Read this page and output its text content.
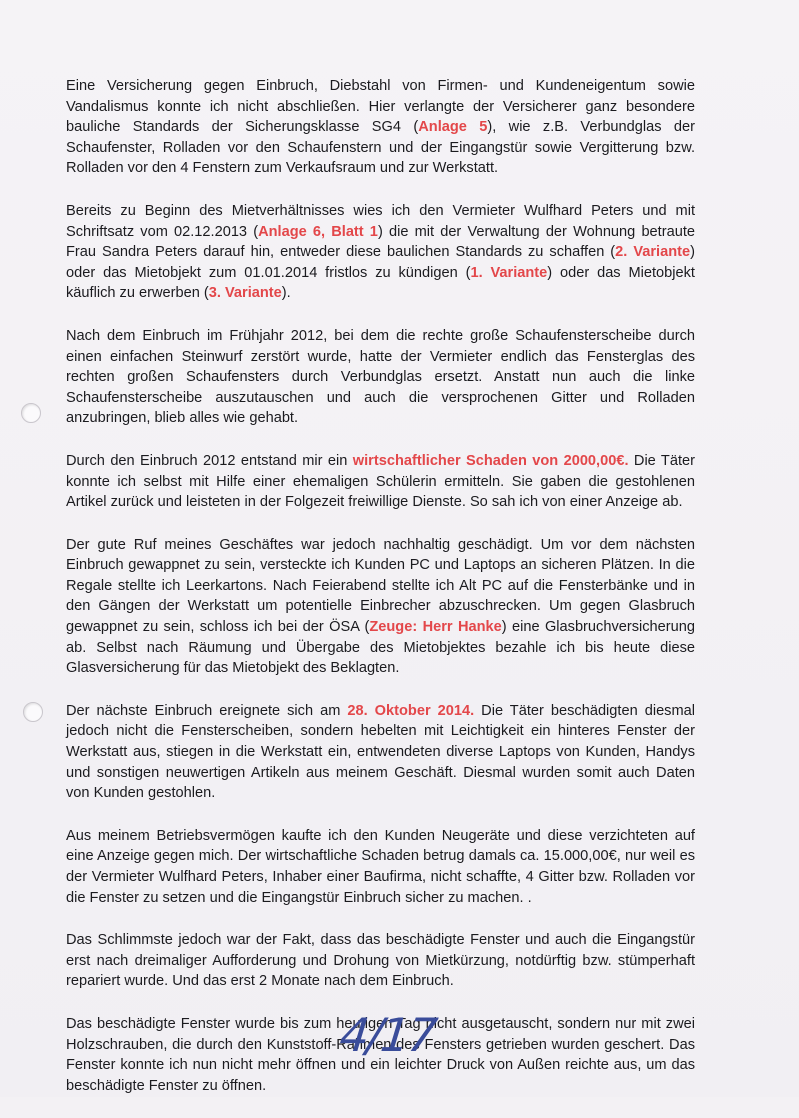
Eine Versicherung gegen Einbruch, Diebstahl von Firmen- und Kundeneigentum sowie Vandalismus konnte ich nicht abschließen. Hier verlangte der Versicherer ganz besondere bauliche Standards der Sicherungsklasse SG4 (Anlage 5), wie z.B. Verbundglas der Schaufenster, Rolladen vor den Schaufenstern und der Eingangstür sowie Vergitterung bzw. Rolladen vor den 4 Fenstern zum Verkaufsraum und zur Werkstatt.

Bereits zu Beginn des Mietverhältnisses wies ich den Vermieter Wulfhard Peters und mit Schriftsatz vom 02.12.2013 (Anlage 6, Blatt 1) die mit der Verwaltung der Wohnung betraute Frau Sandra Peters darauf hin, entweder diese baulichen Standards zu schaffen (2. Variante) oder das Mietobjekt zum 01.01.2014 fristlos zu kündigen (1. Variante) oder das Mietobjekt käuflich zu erwerben (3. Variante).

Nach dem Einbruch im Frühjahr 2012, bei dem die rechte große Schaufensterscheibe durch einen einfachen Steinwurf zerstört wurde, hatte der Vermieter endlich das Fensterglas des rechten großen Schaufensters durch Verbundglas ersetzt. Anstatt nun auch die linke Schaufensterscheibe auszutauschen und auch die versprochenen Gitter und Rolladen anzubringen, blieb alles wie gehabt.

Durch den Einbruch 2012 entstand mir ein wirtschaftlicher Schaden von 2000,00€. Die Täter konnte ich selbst mit Hilfe einer ehemaligen Schülerin ermitteln. Sie gaben die gestohlenen Artikel zurück und leisteten in der Folgezeit freiwillige Dienste. So sah ich von einer Anzeige ab.

Der gute Ruf meines Geschäftes war jedoch nachhaltig geschädigt. Um vor dem nächsten Einbruch gewappnet zu sein, versteckte ich Kunden PC und Laptops an sicheren Plätzen. In die Regale stellte ich Leerkartons. Nach Feierabend stellte ich Alt PC auf die Fensterbänke und in den Gängen der Werkstatt um potentielle Einbrecher abzuschrecken. Um gegen Glasbruch gewappnet zu sein, schloss ich bei der ÖSA (Zeuge: Herr Hanke) eine Glasbruchversicherung ab. Selbst nach Räumung und Übergabe des Mietobjektes bezahle ich bis heute diese Glasversicherung für das Mietobjekt des Beklagten.

Der nächste Einbruch ereignete sich am 28. Oktober 2014. Die Täter beschädigten diesmal jedoch nicht die Fensterscheiben, sondern hebelten mit Leichtigkeit ein hinteres Fenster der Werkstatt aus, stiegen in die Werkstatt ein, entwendeten diverse Laptops von Kunden, Handys und sonstigen neuwertigen Artikeln aus meinem Geschäft. Diesmal wurden somit auch Daten von Kunden gestohlen.

Aus meinem Betriebsvermögen kaufte ich den Kunden Neugeräte und diese verzichteten auf eine Anzeige gegen mich. Der wirtschaftliche Schaden betrug damals ca. 15.000,00€, nur weil es der Vermieter Wulfhard Peters, Inhaber einer Baufirma, nicht schaffte, 4 Gitter bzw. Rolladen vor die Fenster zu setzen und die Eingangstür Einbruch sicher zu machen. .

Das Schlimmste jedoch war der Fakt, dass das beschädigte Fenster und auch die Eingangstür erst nach dreimaliger Aufforderung und Drohung von Mietkürzung, notdürftig bzw. stümperhaft repariert wurde. Und das erst 2 Monate nach dem Einbruch.

Das beschädigte Fenster wurde bis zum heutigen Tag nicht ausgetauscht, sondern nur mit zwei Holzschrauben, die durch den Kunststoff-Rahmen des Fensters getrieben wurden geschert. Das Fenster konnte ich nun nicht mehr öffnen und ein leichter Druck von Außen reichte aus, um das beschädigte Fenster zu öffnen.

4/17
